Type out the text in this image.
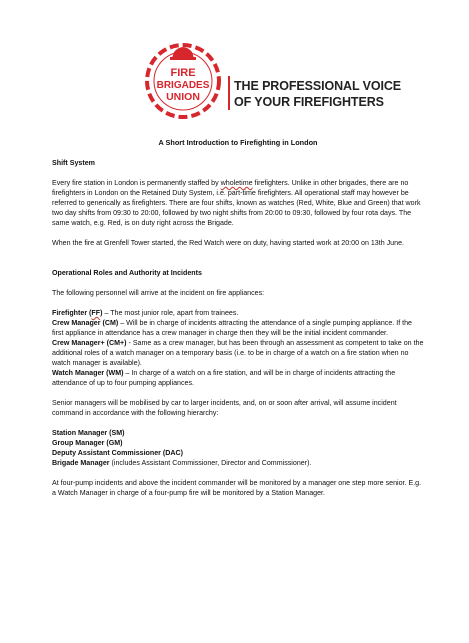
FIRE
BRIGADES
UNION
THE PROFESSIONAL VOICE
OF YOUR FIREFIGHTERS
A Short Introduction to Firefighting in London
Shift System

Every fire station in London is permanently staffed by wholetime firefighters. Unlike in other brigades, there are no firefighters in London on the Retained Duty System, i.e. part-time firefighters. All operational staff may however be referred to generically as firefighters. There are four shifts, known as watches (Red, White, Blue and Green) that work two day shifts from 09:30 to 20:00, followed by two night shifts from 20:00 to 09:30, followed by four rota days. The same watch, e.g. Red, is on duty right across the Brigade.

When the fire at Grenfell Tower started, the Red Watch were on duty, having started work at 20:00 on 13th June.

Operational Roles and Authority at Incidents

The following personnel will arrive at the incident on fire appliances:

Firefighter (FF) – The most junior role, apart from trainees.

Crew Manager (CM) – Will be in charge of incidents attracting the attendance of a single pumping appliance. If the first appliance in attendance has a crew manager in charge then they will be the initial incident commander.

Crew Manager+ (CM+) - Same as a crew manager, but has been through an assessment as competent to take on the additional roles of a watch manager on a temporary basis (i.e. to be in charge of a watch on a fire station when no watch manager is available).

Watch Manager (WM) – In charge of a watch on a fire station, and will be in charge of incidents attracting the attendance of up to four pumping appliances.

Senior managers will be mobilised by car to larger incidents, and, on or soon after arrival, will assume incident command in accordance with the following hierarchy:

Station Manager (SM)

Group Manager (GM)

Deputy Assistant Commissioner (DAC)

Brigade Manager (includes Assistant Commissioner, Director and Commissioner).

At four-pump incidents and above the incident commander will be monitored by a manager one step more senior. E.g. a Watch Manager in charge of a four-pump fire will be monitored by a Station Manager.
